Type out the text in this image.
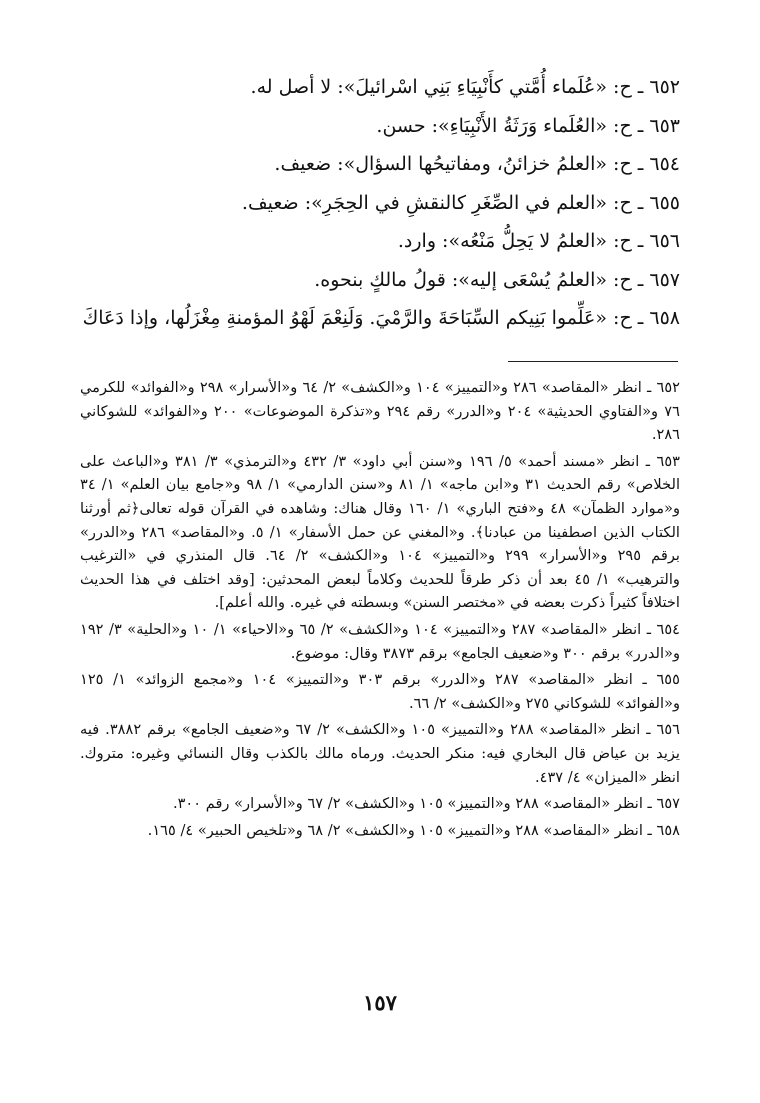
٦٥٢ ـ ح: «عُلَماء أُمَّتي كأَنْبِيَاءِ بَنِي اسْرائيلَ»: لا أصل له.

٦٥٣ ـ ح: «العُلَماء وَرَثَةُ الأَنْبِيَاءِ»: حسن.

٦٥٤ ـ ح: «العلمُ خزائنُ، ومفاتيحُها السؤال»: ضعيف.

٦٥٥ ـ ح: «العلم في الصِّغَرِ كالنقشِ في الحِجَرِ»: ضعيف.

٦٥٦ ـ ح: «العلمُ لا يَحِلُّ مَنْعُه»: وارد.

٦٥٧ ـ ح: «العلمُ يُسْعَى إليه»: قولُ مالكٍ بنحوه.

٦٥٨ ـ ح: «عَلِّموا بَنِيكم السِّبَاحَةَ والرَّمْيَ. وَلَنِعْمَ لَهْوُ المؤمنةِ مِغْزَلُها، وإذا دَعَاكَ

٦٥٢ ـ انظر «المقاصد» ٢٨٦ و«التمييز» ١٠٤ و«الكشف» ٢/ ٦٤ و«الأسرار» ٢٩٨ و«الفوائد» للكرمي ٧٦ و«الفتاوي الحديثية» ٢٠٤ و«الدرر» رقم ٢٩٤ و«تذكرة الموضوعات» ٢٠٠ و«الفوائد» للشوكاني ٢٨٦.

٦٥٣ ـ انظر «مسند أحمد» ٥/ ١٩٦ و«سنن أبي داود» ٣/ ٤٣٢ و«الترمذي» ٣/ ٣٨١ و«الباعث على الخلاص» رقم الحديث ٣١ و«ابن ماجه» ١/ ٨١ و«سنن الدارمي» ١/ ٩٨ و«جامع بيان العلم» ١/ ٣٤ و«موارد الظمآن» ٤٨ و«فتح الباري» ١/ ١٦٠ وقال هناك: وشاهده في القرآن قوله تعالى﴿ثم أورثنا الكتاب الذين اصطفينا من عبادنا﴾. و«المغني عن حمل الأسفار» ١/ ٥. و«المقاصد» ٢٨٦ و«الدرر» برقم ٢٩٥ و«الأسرار» ٢٩٩ و«التمييز» ١٠٤ و«الكشف» ٢/ ٦٤. قال المنذري في «الترغيب والترهيب» ١/ ٤٥ بعد أن ذكر طرقاً للحديث وكلاماً لبعض المحدثين: [وقد اختلف في هذا الحديث اختلافاً كثيراً ذكرت بعضه في «مختصر السنن» وبسطته في غيره. والله أعلم].

٦٥٤ ـ انظر «المقاصد» ٢٨٧ و«التمييز» ١٠٤ و«الكشف» ٢/ ٦٥ و«الاحياء» ١/ ١٠ و«الحلية» ٣/ ١٩٢ و«الدرر» برقم ٣٠٠ و«ضعيف الجامع» برقم ٣٨٧٣ وقال: موضوع.

٦٥٥ ـ انظر «المقاصد» ٢٨٧ و«الدرر» برقم ٣٠٣ و«التمييز» ١٠٤ و«مجمع الزوائد» ١/ ١٢٥ و«الفوائد» للشوكاني ٢٧٥ و«الكشف» ٢/ ٦٦.

٦٥٦ ـ انظر «المقاصد» ٢٨٨ و«التمييز» ١٠٥ و«الكشف» ٢/ ٦٧ و«ضعيف الجامع» برقم ٣٨٨٢. فيه يزيد بن عياض قال البخاري فيه: منكر الحديث. ورماه مالك بالكذب وقال النسائي وغيره: متروك. انظر «الميزان» ٤/ ٤٣٧.

٦٥٧ ـ انظر «المقاصد» ٢٨٨ و«التمييز» ١٠٥ و«الكشف» ٢/ ٦٧ و«الأسرار» رقم ٣٠٠.

٦٥٨ ـ انظر «المقاصد» ٢٨٨ و«التمييز» ١٠٥ و«الكشف» ٢/ ٦٨ و«تلخيص الحبير» ٤/ ١٦٥.

١٥٧
